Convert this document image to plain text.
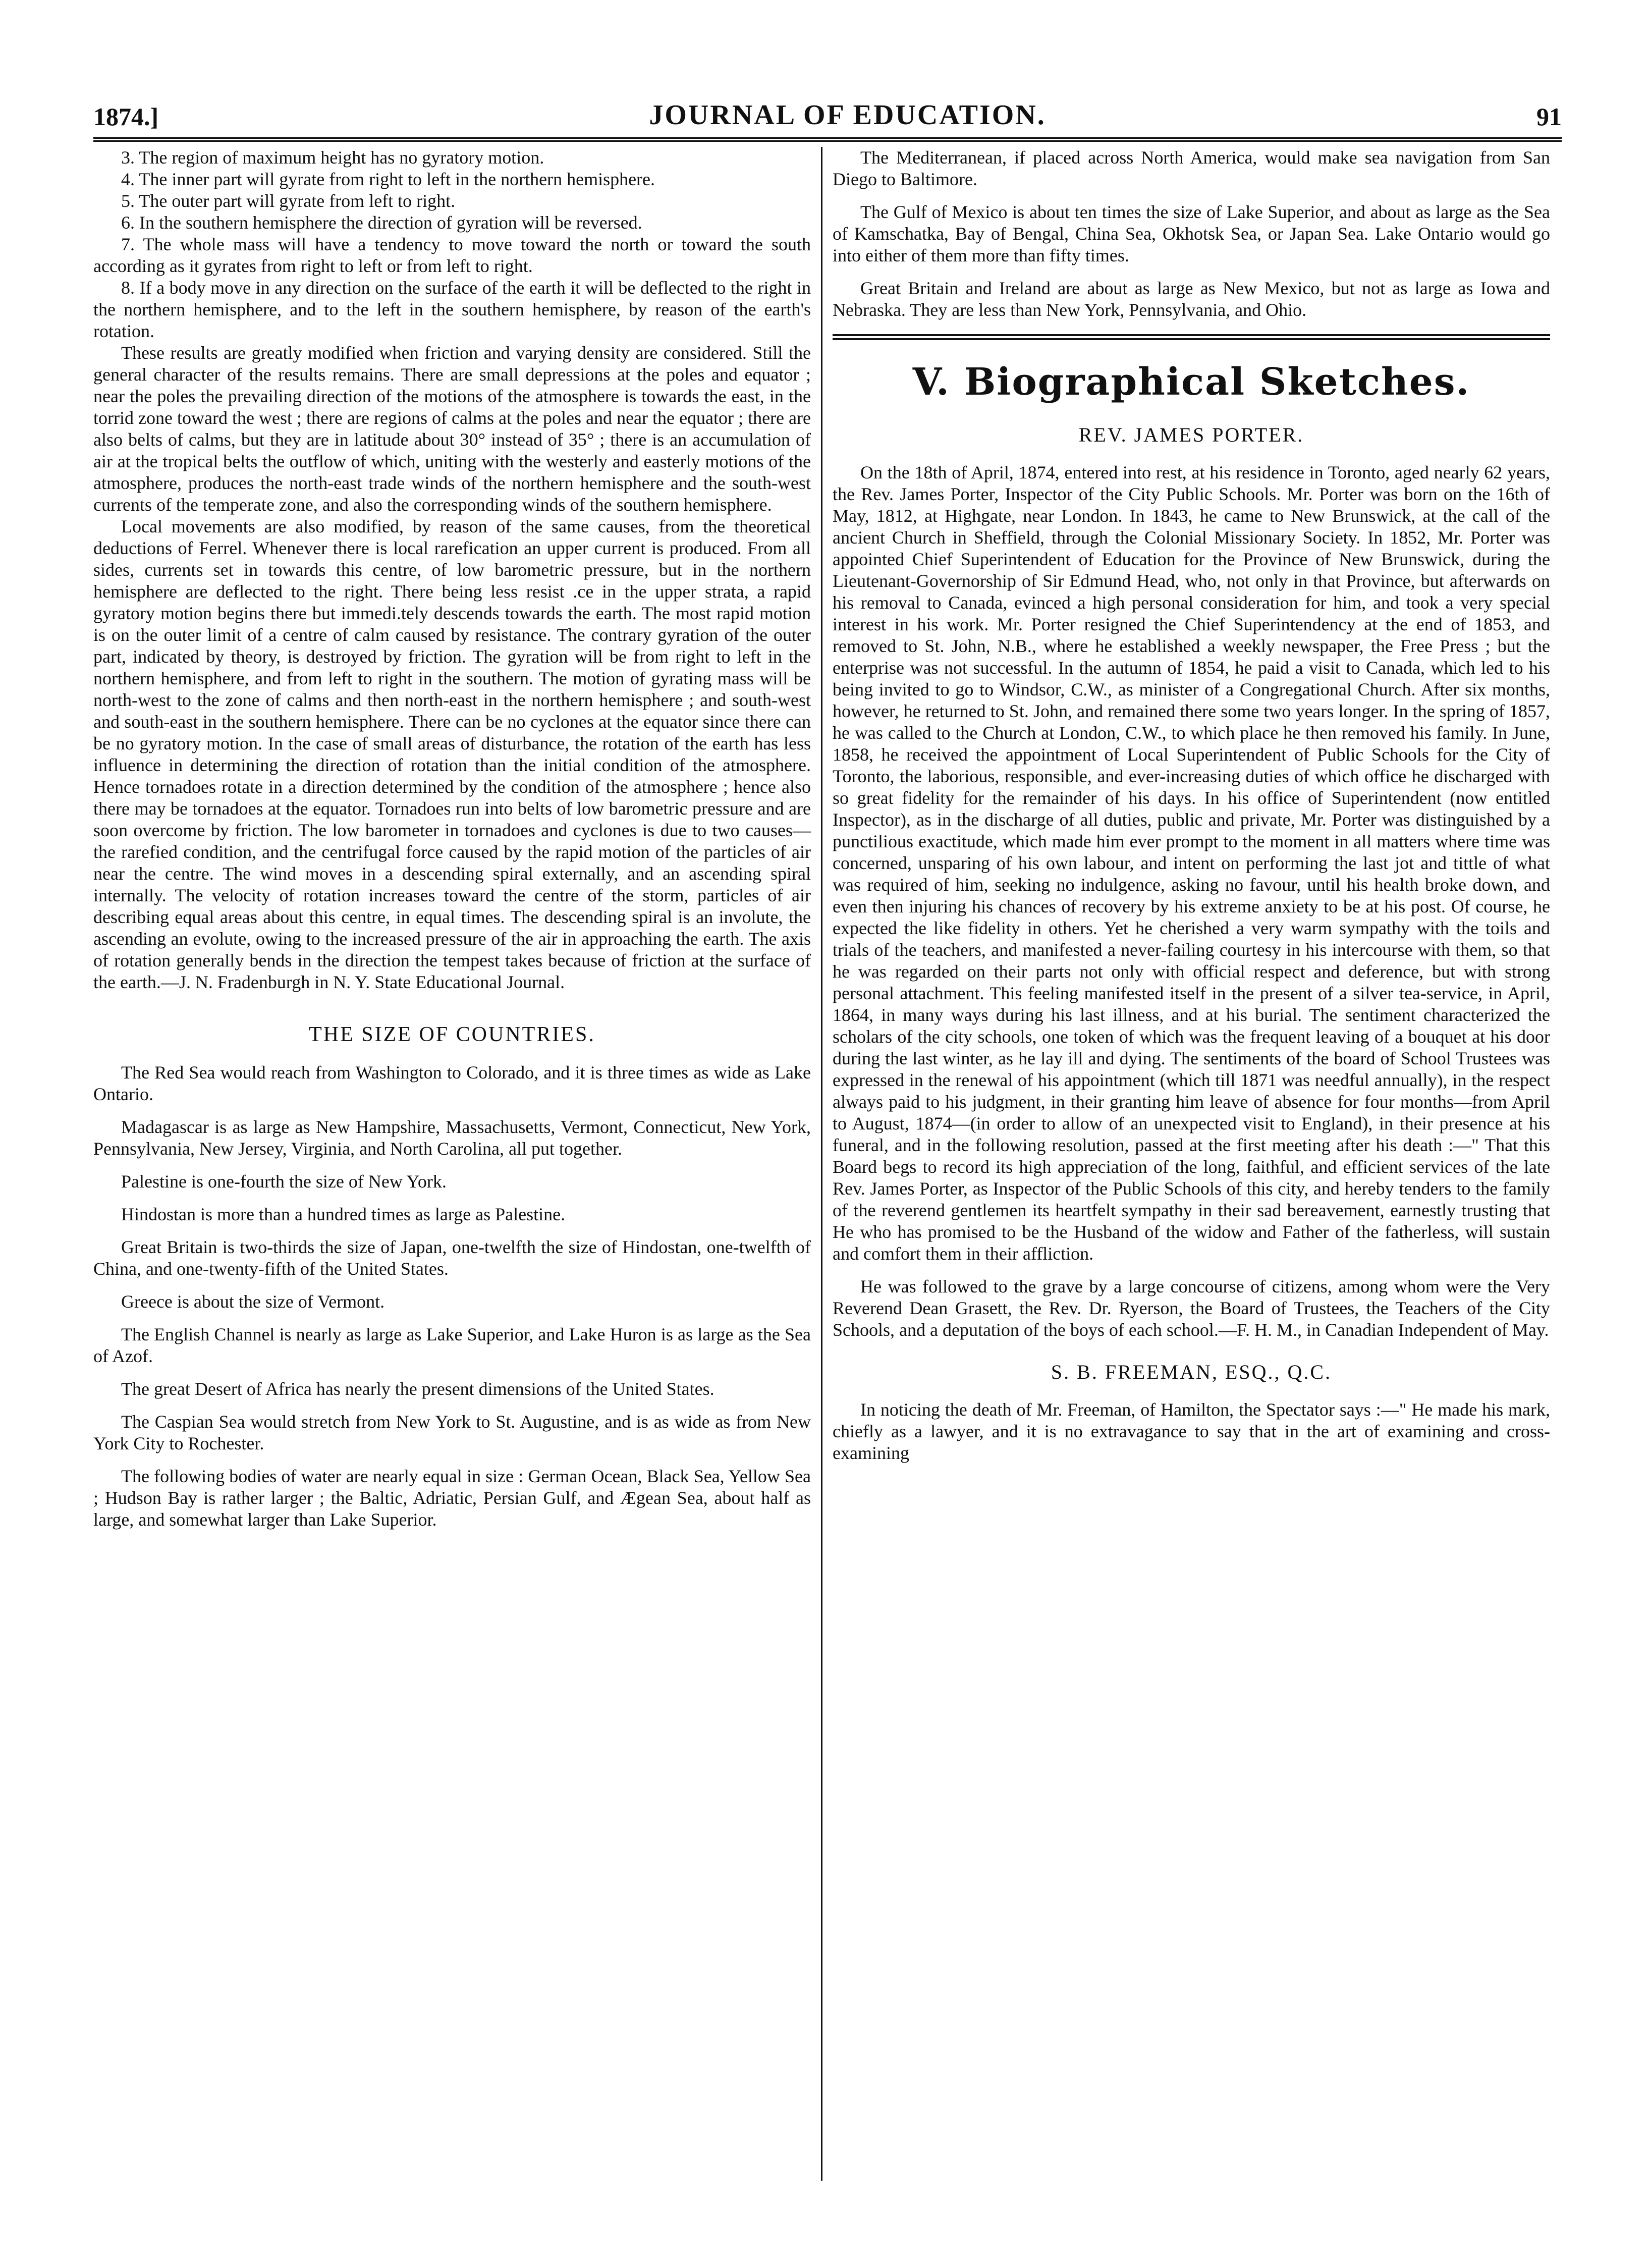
1874.]	JOURNAL OF EDUCATION.	91

3. The region of maximum height has no gyratory motion.

4. The inner part will gyrate from right to left in the northern hemisphere.

5. The outer part will gyrate from left to right.

6. In the southern hemisphere the direction of gyration will be reversed.

7. The whole mass will have a tendency to move toward the north or toward the south according as it gyrates from right to left or from left to right.

8. If a body move in any direction on the surface of the earth it will be deflected to the right in the northern hemisphere, and to the left in the southern hemisphere, by reason of the earth's rotation.

These results are greatly modified when friction and varying density are considered. Still the general character of the results remains. There are small depressions at the poles and equator ; near the poles the prevailing direction of the motions of the atmosphere is towards the east, in the torrid zone toward the west ; there are regions of calms at the poles and near the equator ; there are also belts of calms, but they are in latitude about 30° instead of 35° ; there is an accumulation of air at the tropical belts the outflow of which, uniting with the westerly and easterly motions of the atmosphere, produces the north-east trade winds of the northern hemisphere and the south-west currents of the temperate zone, and also the corresponding winds of the southern hemisphere.

Local movements are also modified, by reason of the same causes, from the theoretical deductions of Ferrel. Whenever there is local rarefication an upper current is produced. From all sides, currents set in towards this centre, of low barometric pressure, but in the northern hemisphere are deflected to the right. There being less resist .ce in the upper strata, a rapid gyratory motion begins there but immedi.tely descends towards the earth. The most rapid motion is on the outer limit of a centre of calm caused by resistance. The contrary gyration of the outer part, indicated by theory, is destroyed by friction. The gyration will be from right to left in the northern hemisphere, and from left to right in the southern. The motion of gyrating mass will be north-west to the zone of calms and then north-east in the northern hemisphere ; and south-west and south-east in the southern hemisphere. There can be no cyclones at the equator since there can be no gyratory motion. In the case of small areas of disturbance, the rotation of the earth has less influence in determining the direction of rotation than the initial condition of the atmosphere. Hence tornadoes rotate in a direction determined by the condition of the atmosphere ; hence also there may be tornadoes at the equator. Tornadoes run into belts of low barometric pressure and are soon overcome by friction. The low barometer in tornadoes and cyclones is due to two causes—the rarefied condition, and the centrifugal force caused by the rapid motion of the particles of air near the centre. The wind moves in a descending spiral externally, and an ascending spiral internally. The velocity of rotation increases toward the centre of the storm, particles of air describing equal areas about this centre, in equal times. The descending spiral is an involute, the ascending an evolute, owing to the increased pressure of the air in approaching the earth. The axis of rotation generally bends in the direction the tempest takes because of friction at the surface of the earth.—J. N. Fradenburgh in N. Y. State Educational Journal.

THE SIZE OF COUNTRIES.

The Red Sea would reach from Washington to Colorado, and it is three times as wide as Lake Ontario.

Madagascar is as large as New Hampshire, Massachusetts, Vermont, Connecticut, New York, Pennsylvania, New Jersey, Virginia, and North Carolina, all put together.

Palestine is one-fourth the size of New York.

Hindostan is more than a hundred times as large as Palestine.

Great Britain is two-thirds the size of Japan, one-twelfth the size of Hindostan, one-twelfth of China, and one-twenty-fifth of the United States.

Greece is about the size of Vermont.

The English Channel is nearly as large as Lake Superior, and Lake Huron is as large as the Sea of Azof.

The great Desert of Africa has nearly the present dimensions of the United States.

The Caspian Sea would stretch from New York to St. Augustine, and is as wide as from New York City to Rochester.

The following bodies of water are nearly equal in size : German Ocean, Black Sea, Yellow Sea ; Hudson Bay is rather larger ; the Baltic, Adriatic, Persian Gulf, and Ægean Sea, about half as large, and somewhat larger than Lake Superior.

The Mediterranean, if placed across North America, would make sea navigation from San Diego to Baltimore.

The Gulf of Mexico is about ten times the size of Lake Superior, and about as large as the Sea of Kamschatka, Bay of Bengal, China Sea, Okhotsk Sea, or Japan Sea. Lake Ontario would go into either of them more than fifty times.

Great Britain and Ireland are about as large as New Mexico, but not as large as Iowa and Nebraska. They are less than New York, Pennsylvania, and Ohio.

V. Biographical Sketches.
REV. JAMES PORTER.

On the 18th of April, 1874, entered into rest, at his residence in Toronto, aged nearly 62 years, the Rev. James Porter, Inspector of the City Public Schools. Mr. Porter was born on the 16th of May, 1812, at Highgate, near London. In 1843, he came to New Brunswick, at the call of the ancient Church in Sheffield, through the Colonial Missionary Society. In 1852, Mr. Porter was appointed Chief Superintendent of Education for the Province of New Brunswick, during the Lieutenant-Governorship of Sir Edmund Head, who, not only in that Province, but afterwards on his removal to Canada, evinced a high personal consideration for him, and took a very special interest in his work. Mr. Porter resigned the Chief Superintendency at the end of 1853, and removed to St. John, N.B., where he established a weekly newspaper, the Free Press ; but the enterprise was not successful. In the autumn of 1854, he paid a visit to Canada, which led to his being invited to go to Windsor, C.W., as minister of a Congregational Church. After six months, however, he returned to St. John, and remained there some two years longer. In the spring of 1857, he was called to the Church at London, C.W., to which place he then removed his family. In June, 1858, he received the appointment of Local Superintendent of Public Schools for the City of Toronto, the laborious, responsible, and ever-increasing duties of which office he discharged with so great fidelity for the remainder of his days. In his office of Superintendent (now entitled Inspector), as in the discharge of all duties, public and private, Mr. Porter was distinguished by a punctilious exactitude, which made him ever prompt to the moment in all matters where time was concerned, unsparing of his own labour, and intent on performing the last jot and tittle of what was required of him, seeking no indulgence, asking no favour, until his health broke down, and even then injuring his chances of recovery by his extreme anxiety to be at his post. Of course, he expected the like fidelity in others. Yet he cherished a very warm sympathy with the toils and trials of the teachers, and manifested a never-failing courtesy in his intercourse with them, so that he was regarded on their parts not only with official respect and deference, but with strong personal attachment. This feeling manifested itself in the present of a silver tea-service, in April, 1864, in many ways during his last illness, and at his burial. The sentiment characterized the scholars of the city schools, one token of which was the frequent leaving of a bouquet at his door during the last winter, as he lay ill and dying. The sentiments of the board of School Trustees was expressed in the renewal of his appointment (which till 1871 was needful annually), in the respect always paid to his judgment, in their granting him leave of absence for four months—from April to August, 1874—(in order to allow of an unexpected visit to England), in their presence at his funeral, and in the following resolution, passed at the first meeting after his death :—" That this Board begs to record its high appreciation of the long, faithful, and efficient services of the late Rev. James Porter, as Inspector of the Public Schools of this city, and hereby tenders to the family of the reverend gentlemen its heartfelt sympathy in their sad bereavement, earnestly trusting that He who has promised to be the Husband of the widow and Father of the fatherless, will sustain and comfort them in their affliction.

He was followed to the grave by a large concourse of citizens, among whom were the Very Reverend Dean Grasett, the Rev. Dr. Ryerson, the Board of Trustees, the Teachers of the City Schools, and a deputation of the boys of each school.—F. H. M., in Canadian Independent of May.

S. B. FREEMAN, ESQ., Q.C.

In noticing the death of Mr. Freeman, of Hamilton, the Spectator says :—" He made his mark, chiefly as a lawyer, and it is no extravagance to say that in the art of examining and cross-examining
